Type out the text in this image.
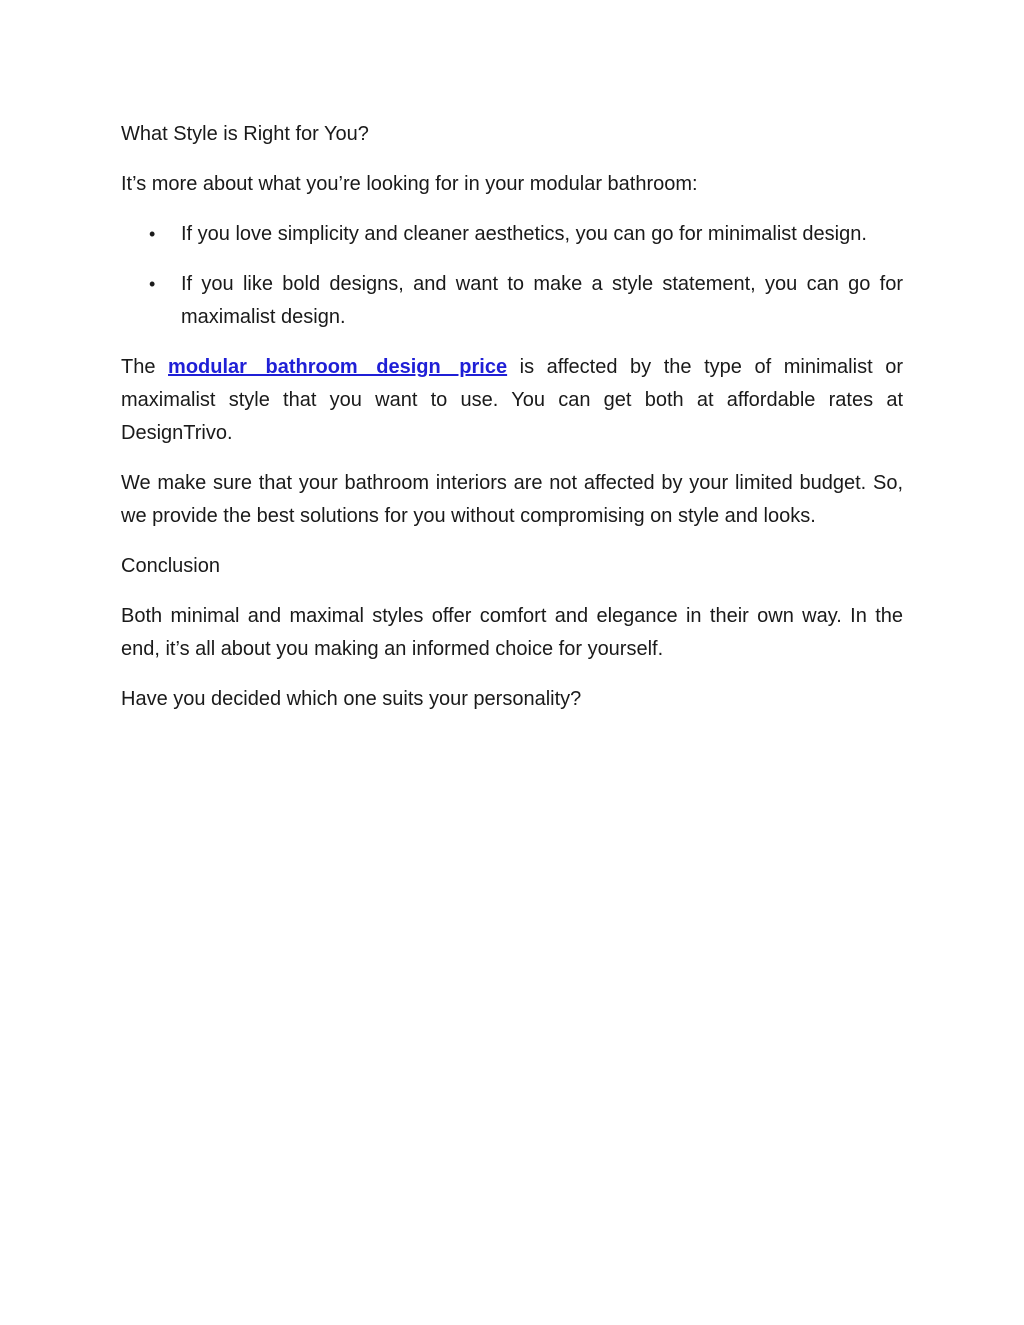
What Style is Right for You?

It’s more about what you’re looking for in your modular bathroom:

• If you love simplicity and cleaner aesthetics, you can go for minimalist design.
• If you like bold designs, and want to make a style statement, you can go for maximalist design.

The modular bathroom design price is affected by the type of minimalist or maximalist style that you want to use. You can get both at affordable rates at DesignTrivo.

We make sure that your bathroom interiors are not affected by your limited budget. So, we provide the best solutions for you without compromising on style and looks.

Conclusion

Both minimal and maximal styles offer comfort and elegance in their own way. In the end, it’s all about you making an informed choice for yourself.

Have you decided which one suits your personality?
